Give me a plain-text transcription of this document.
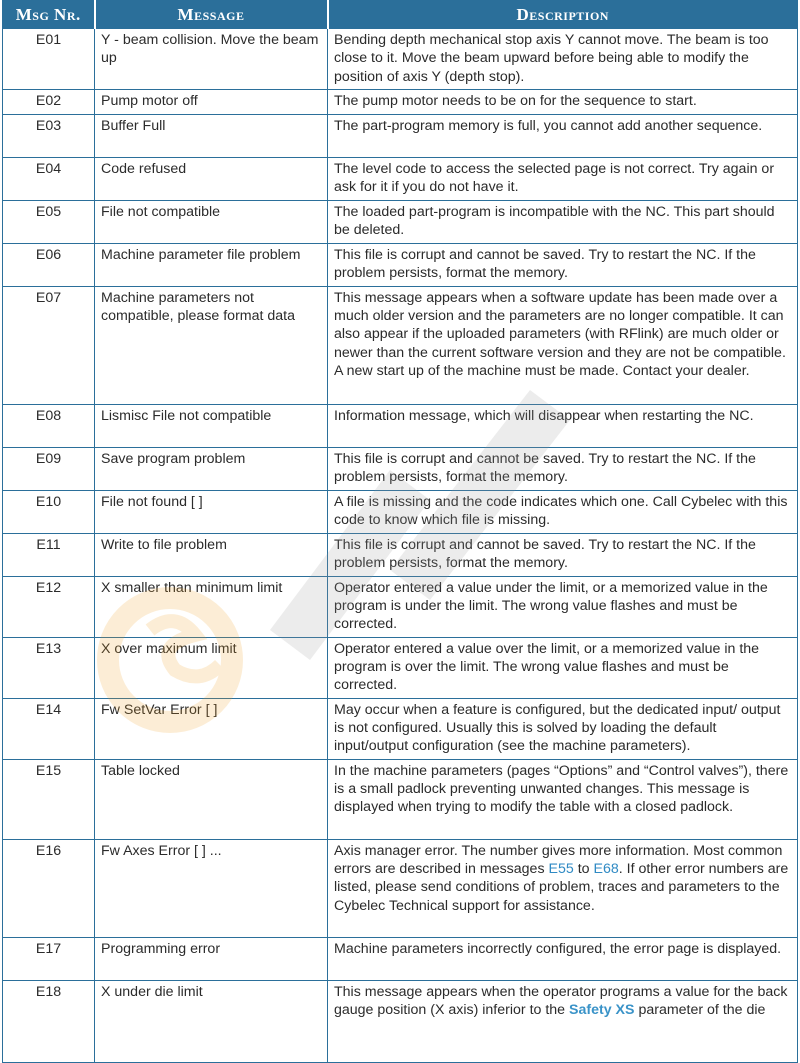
Msg Nr.	Message	Description
E01	Y - beam collision. Move the beam up	Bending depth mechanical stop axis Y cannot move. The beam is too close to it. Move the beam upward before being able to modify the position of axis Y (depth stop).
E02	Pump motor off	The pump motor needs to be on for the sequence to start.
E03	Buffer Full	The part-program memory is full, you cannot add another sequence.
E04	Code refused	The level code to access the selected page is not correct. Try again or ask for it if you do not have it.
E05	File not compatible	The loaded part-program is incompatible with the NC. This part should be deleted.
E06	Machine parameter file problem	This file is corrupt and cannot be saved. Try to restart the NC. If the problem persists, format the memory.
E07	Machine parameters not compatible, please format data	This message appears when a software update has been made over a much older version and the parameters are no longer compatible. It can also appear if the uploaded parameters (with RFlink) are much older or newer than the current software version and they are not be compatible. A new start up of the machine must be made. Contact your dealer.
E08	Lismisc File not compatible	Information message, which will disappear when restarting the NC.
E09	Save program problem	This file is corrupt and cannot be saved. Try to restart the NC. If the problem persists, format the memory.
E10	File not found [ ]	A file is missing and the code indicates which one. Call Cybelec with this code to know which file is missing.
E11	Write to file problem	This file is corrupt and cannot be saved. Try to restart the NC. If the problem persists, format the memory.
E12	X smaller than minimum limit	Operator entered a value under the limit, or a memorized value in the program is under the limit. The wrong value flashes and must be corrected.
E13	X over maximum limit	Operator entered a value over the limit, or a memorized value in the program is over the limit. The wrong value flashes and must be corrected.
E14	Fw SetVar Error [ ]	May occur when a feature is configured, but the dedicated input/ output is not configured. Usually this is solved by loading the default input/output configuration (see the machine parameters).
E15	Table locked	In the machine parameters (pages “Options” and “Control valves”), there is a small padlock preventing unwanted changes. This message is displayed when trying to modify the table with a closed padlock.
E16	Fw Axes Error [ ] ...	Axis manager error. The number gives more information. Most common errors are described in messages E55 to E68. If other error numbers are listed, please send conditions of problem, traces and parameters to the Cybelec Technical support for assistance.
E17	Programming error	Machine parameters incorrectly configured, the error page is displayed.
E18	X under die limit	This message appears when the operator programs a value for the back gauge position (X axis) inferior to the Safety XS parameter of the die
